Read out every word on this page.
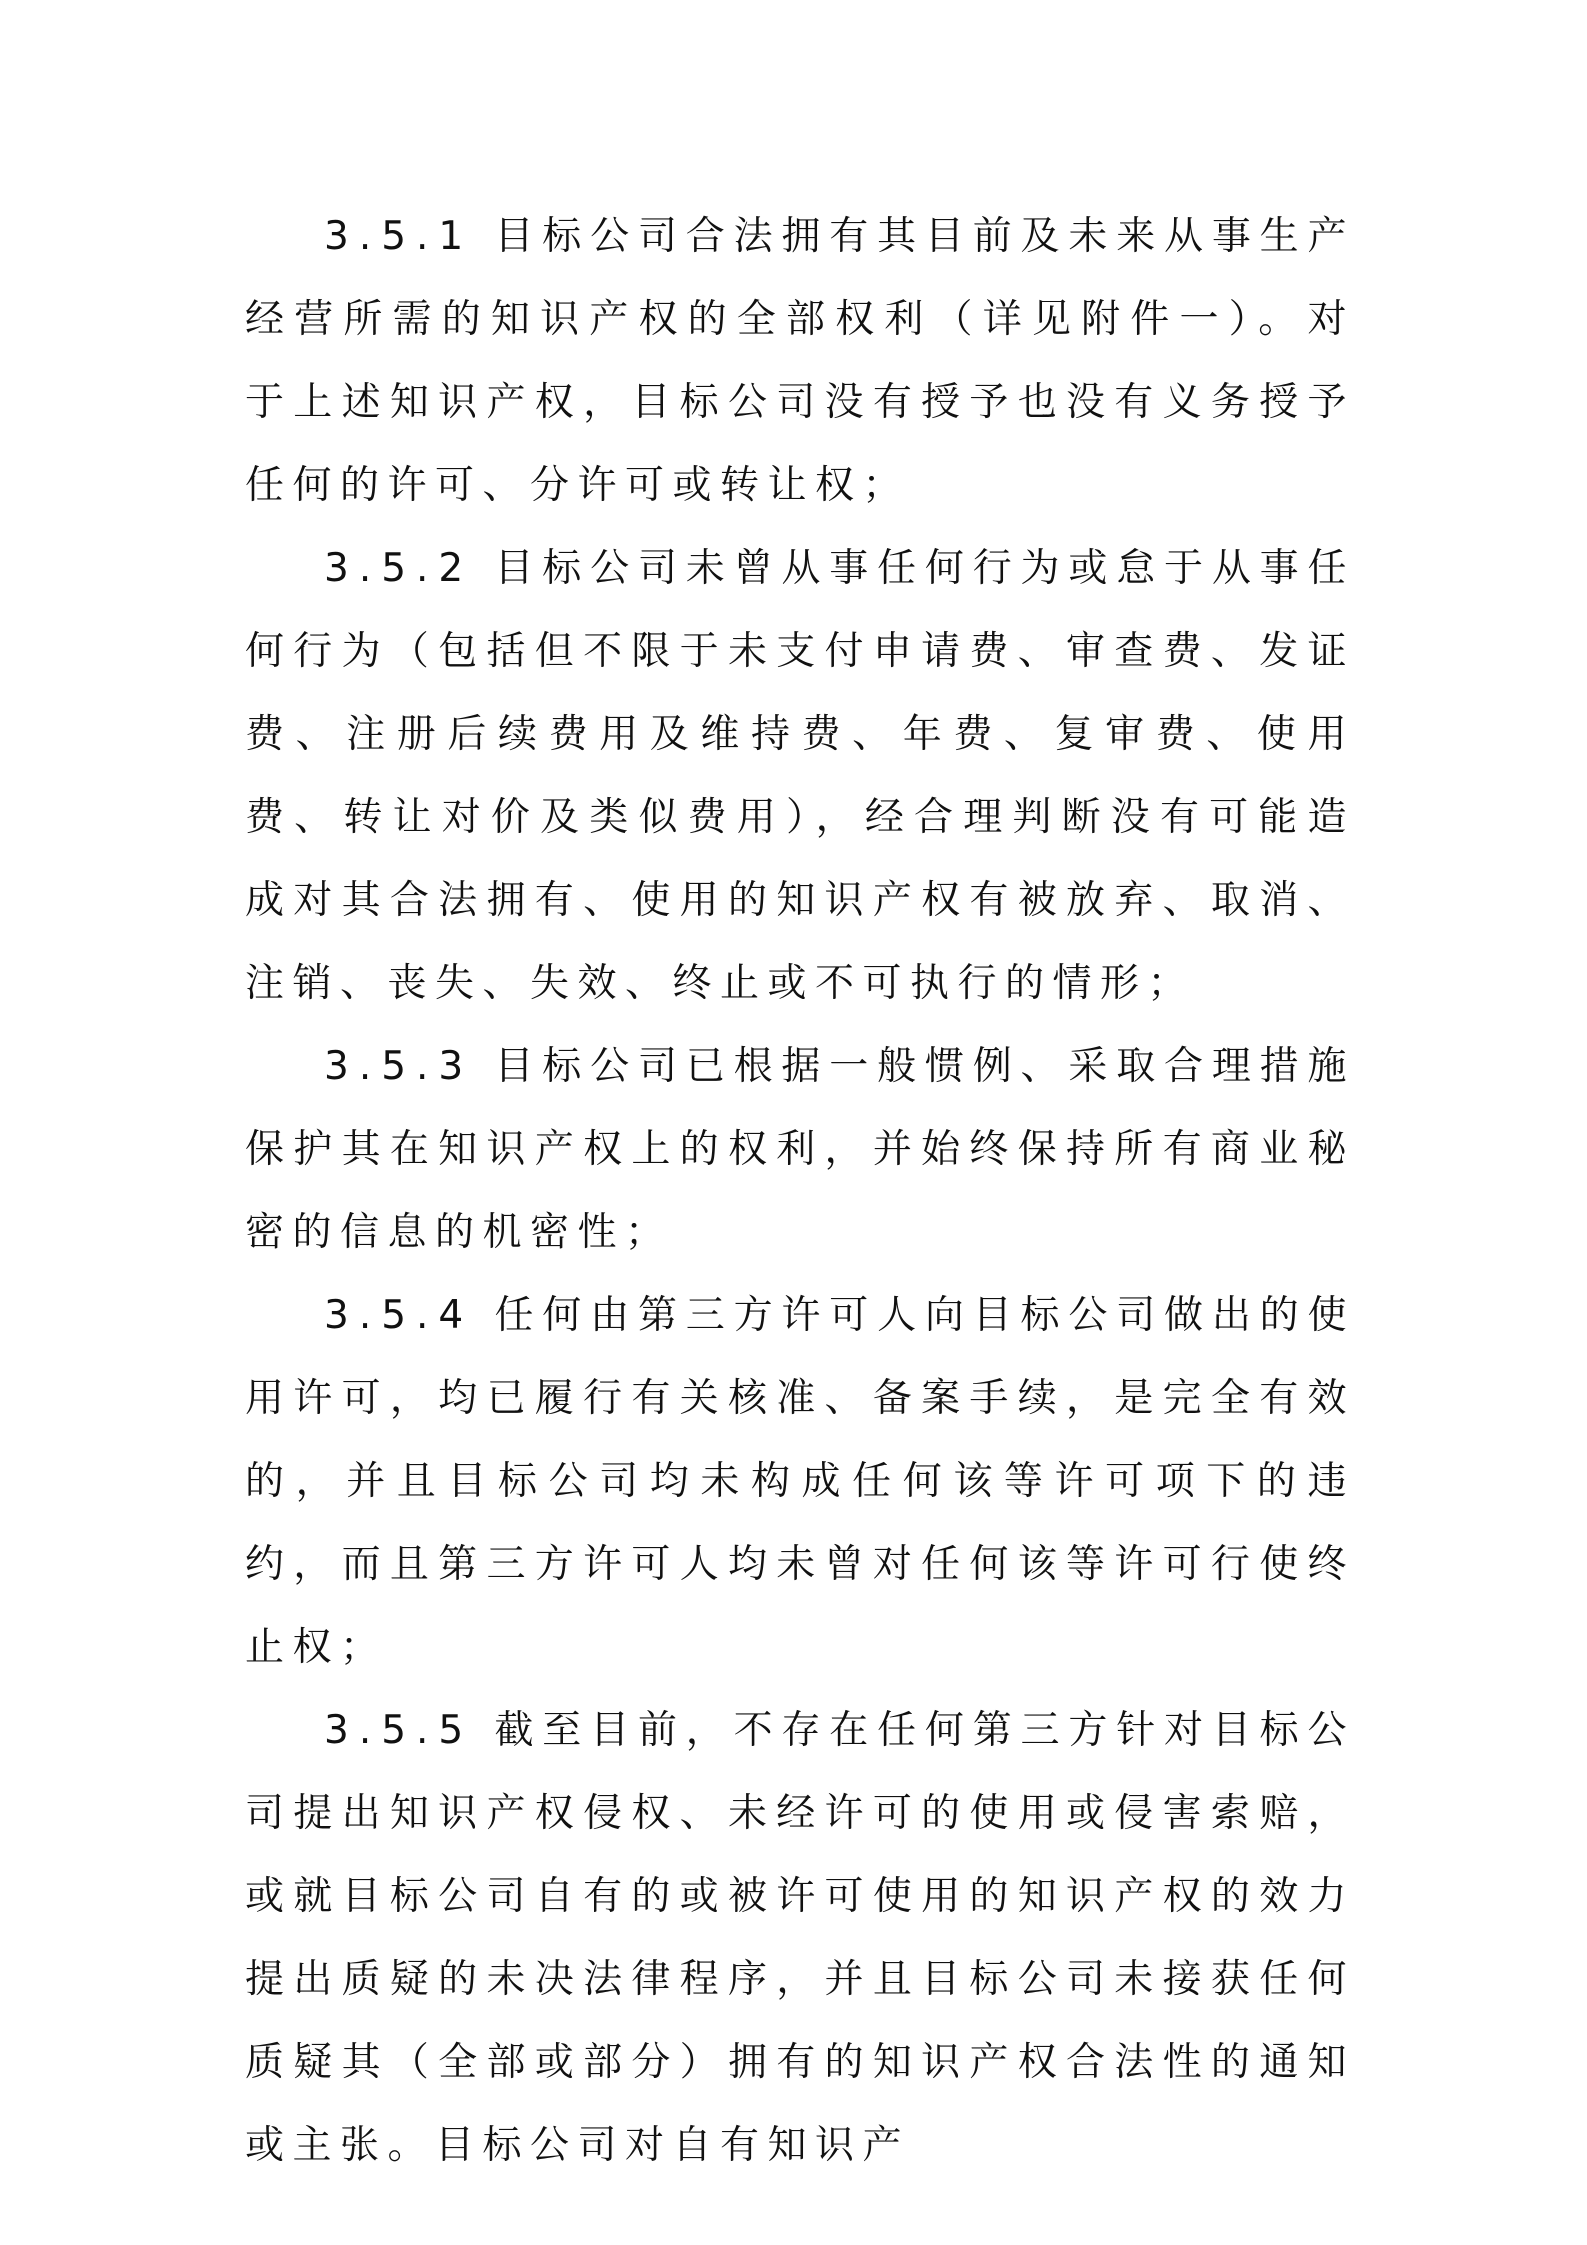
3.5.1 目标公司合法拥有其目前及未来从事生产经营所需的知识产权的全部权利（详见附件一）。对于上述知识产权，目标公司没有授予也没有义务授予任何的许可、分许可或转让权；

3.5.2 目标公司未曾从事任何行为或怠于从事任何行为（包括但不限于未支付申请费、审查费、发证费、注册后续费用及维持费、年费、复审费、使用费、转让对价及类似费用），经合理判断没有可能造成对其合法拥有、使用的知识产权有被放弃、取消、注销、丧失、失效、终止或不可执行的情形；

3.5.3 目标公司已根据一般惯例、采取合理措施保护其在知识产权上的权利，并始终保持所有商业秘密的信息的机密性；

3.5.4 任何由第三方许可人向目标公司做出的使用许可，均已履行有关核准、备案手续，是完全有效的，并且目标公司均未构成任何该等许可项下的违约，而且第三方许可人均未曾对任何该等许可行使终止权；

3.5.5 截至目前，不存在任何第三方针对目标公司提出知识产权侵权、未经许可的使用或侵害索赔，或就目标公司自有的或被许可使用的知识产权的效力提出质疑的未决法律程序，并且目标公司未接获任何质疑其（全部或部分）拥有的知识产权合法性的通知或主张。目标公司对自有知识产
